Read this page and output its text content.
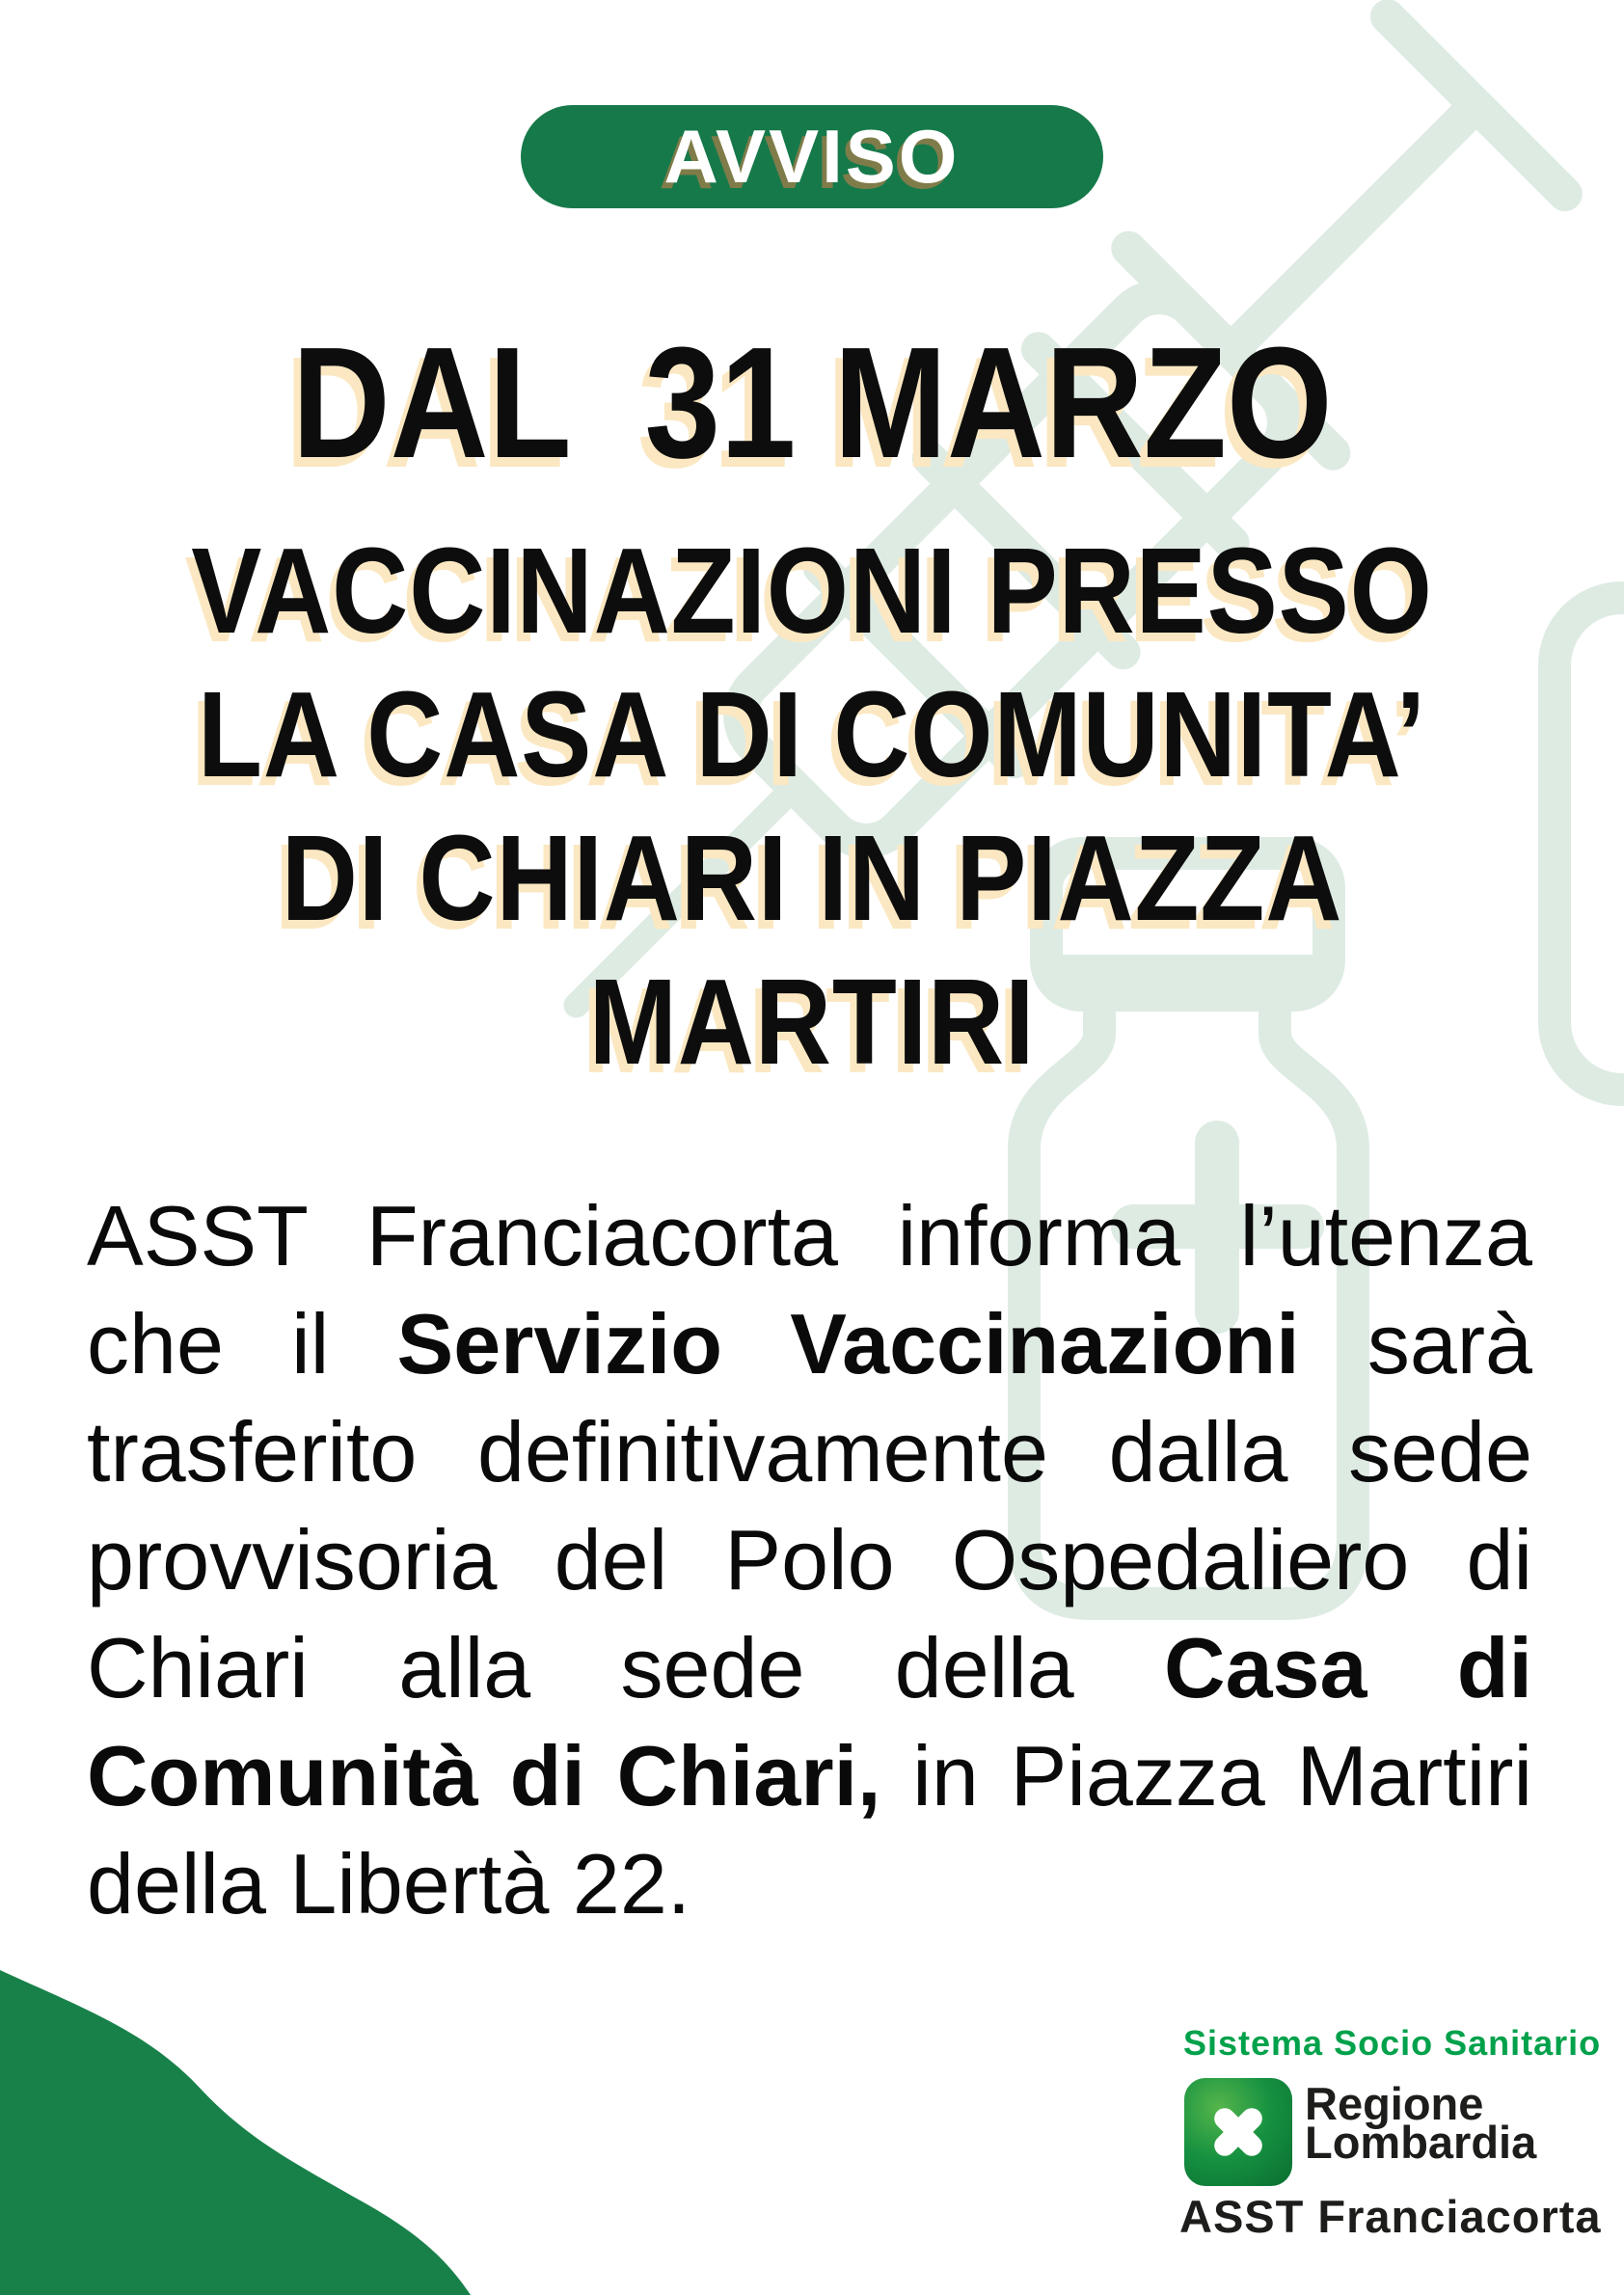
AVVISO
DAL  31 MARZO
VACCINAZIONI PRESSO
LA CASA DI COMUNITA’
DI CHIARI IN PIAZZA
MARTIRI
ASST Franciacorta informa l’utenza
che il Servizio Vaccinazioni sarà
trasferito definitivamente dalla sede
provvisoria del Polo Ospedaliero di
Chiari alla sede della Casa di
Comunità di Chiari, in Piazza Martiri
della Libertà 22.
Sistema Socio Sanitario
Regione
Lombardia
ASST Franciacorta
